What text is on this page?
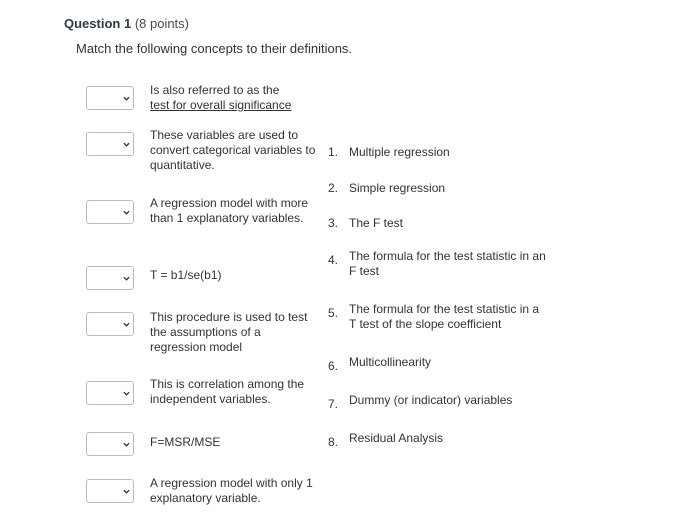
Question 1 (8 points)
Match the following concepts to their definitions.
Is also referred to as the
test for overall significance
These variables are used to convert categorical variables to quantitative.
A regression model with more than 1 explanatory variables.
T = b1/se(b1)
This procedure is used to test the assumptions of a regression model
This is correlation among the independent variables.
F=MSR/MSE
A regression model with only 1 explanatory variable.
1. Multiple regression
2. Simple regression
3. The F test
4. The formula for the test statistic in an F test
5. The formula for the test statistic in a T test of the slope coefficient
6. Multicollinearity
7. Dummy (or indicator) variables
8. Residual Analysis
